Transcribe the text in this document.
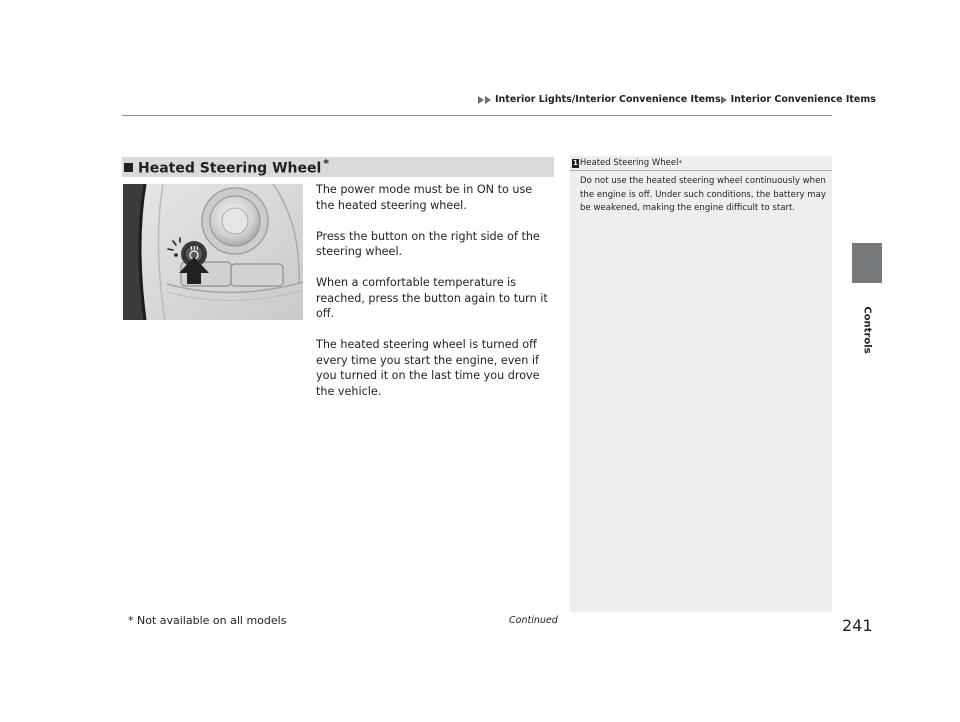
Interior Lights/Interior Convenience Items Interior Convenience Items
Controls
Heated Steering Wheel *

The power mode must be in ON to use the heated steering wheel.

Press the button on the right side of the steering wheel.

When a comfortable temperature is reached, press the button again to turn it off.

The heated steering wheel is turned off every time you start the engine, even if you turned it on the last time you drove the vehicle.

1 Heated Steering Wheel *
Do not use the heated steering wheel continuously when the engine is off. Under such conditions, the battery may be weakened, making the engine difficult to start.
* Not available on all models	Continued	241
